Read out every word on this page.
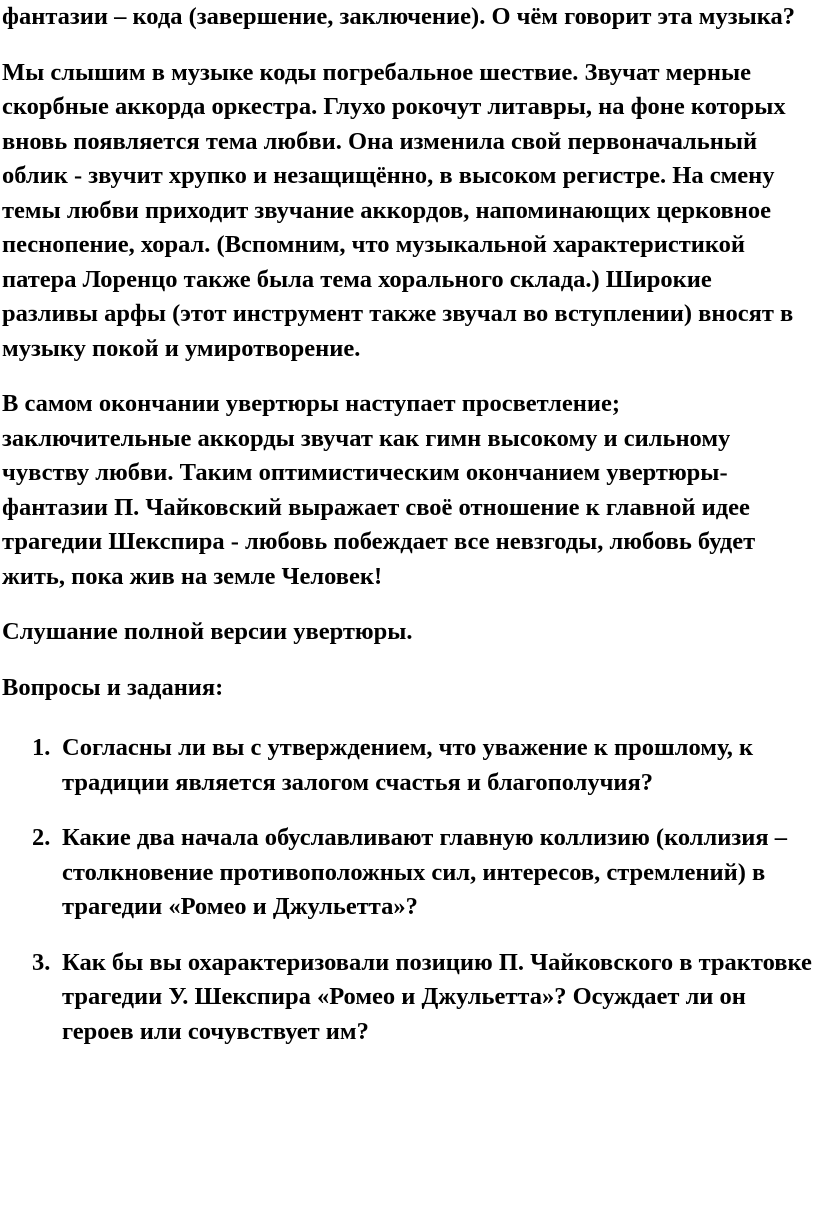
фантазии – кода (завершение, заключение). О чём говорит эта музыка?

Мы слышим в музыке коды погребальное шествие. Звучат мерные скорбные аккорда оркестра. Глухо рокочут литавры, на фоне которых вновь появляется тема любви. Она изменила свой первоначальный облик - звучит хрупко и незащищённо, в высоком регистре. На смену темы любви приходит звучание аккордов, напоминающих церковное песнопение, хорал. (Вспомним, что музыкальной характеристикой патера Лоренцо также была тема хорального склада.) Широкие разливы арфы (этот инструмент также звучал во вступлении) вносят в музыку покой и умиротворение.

В самом окончании увертюры наступает просветление; заключительные аккорды звучат как гимн высокому и сильному чувству любви. Таким оптимистическим окончанием увертюры-фантазии П. Чайковский выражает своё отношение к главной идее трагедии Шекспира - любовь побеждает все невзгоды, любовь будет жить, пока жив на земле Человек!

Слушание полной версии увертюры.

Вопросы и задания:

1. Согласны ли вы с утверждением, что уважение к прошлому, к традиции является залогом счастья и благополучия?
2. Какие два начала обуславливают главную коллизию (коллизия – столкновение противоположных сил, интересов, стремлений) в трагедии «Ромео и Джульетта»?
3. Как бы вы охарактеризовали позицию П. Чайковского в трактовке трагедии У. Шекспира «Ромео и Джульетта»? Осуждает ли он героев или сочувствует им?
